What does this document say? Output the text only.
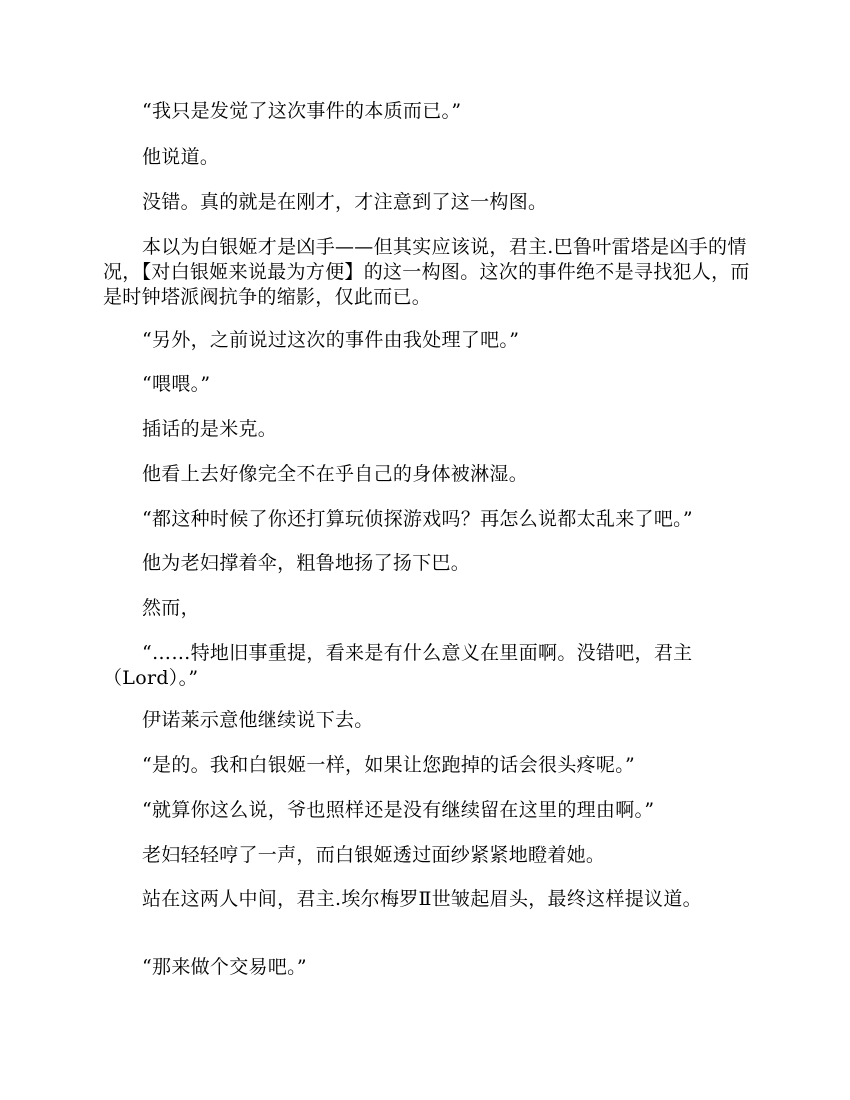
“我只是发觉了这次事件的本质而已。”

他说道。

没错。真的就是在刚才，才注意到了这一构图。

本以为白银姬才是凶手——但其实应该说，君主.巴鲁叶雷塔是凶手的情况，【对白银姬来说最为方便】的这一构图。这次的事件绝不是寻找犯人，而是时钟塔派阀抗争的缩影，仅此而已。

“另外，之前说过这次的事件由我处理了吧。”

“喂喂。”

插话的是米克。

他看上去好像完全不在乎自己的身体被淋湿。

“都这种时候了你还打算玩侦探游戏吗？再怎么说都太乱来了吧。”

他为老妇撑着伞，粗鲁地扬了扬下巴。

然而，

“……特地旧事重提，看来是有什么意义在里面啊。没错吧，君主（Lord）。”

伊诺莱示意他继续说下去。

“是的。我和白银姬一样，如果让您跑掉的话会很头疼呢。”

“就算你这么说，爷也照样还是没有继续留在这里的理由啊。”

老妇轻轻哼了一声，而白银姬透过面纱紧紧地瞪着她。

站在这两人中间，君主.埃尔梅罗Ⅱ世皱起眉头，最终这样提议道。

“那来做个交易吧。”
